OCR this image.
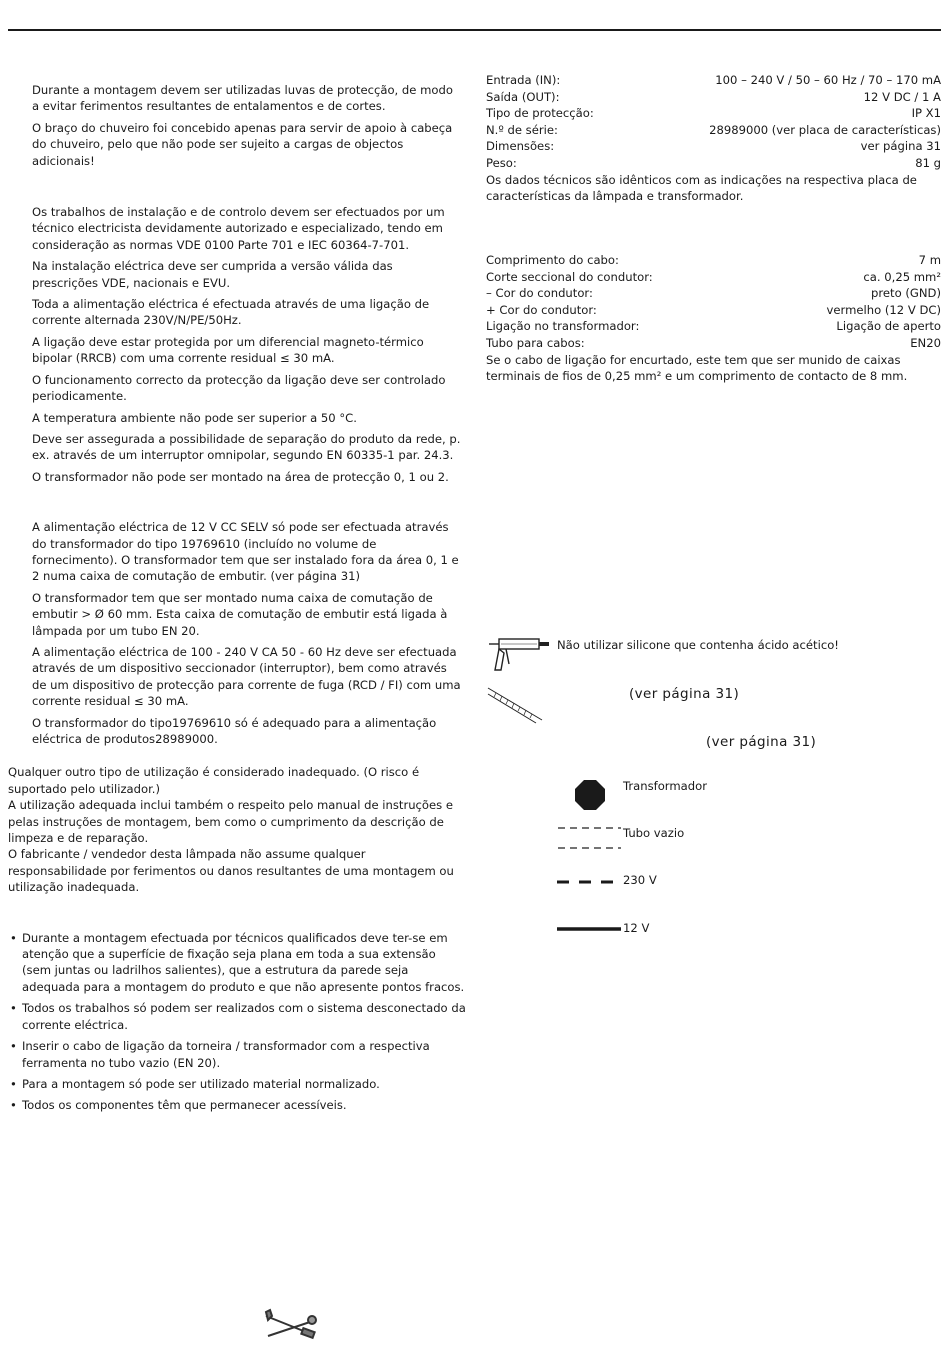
Durante a montagem devem ser utilizadas luvas de protecção, de modo a evitar ferimentos resultantes de entalamentos e de cortes.

O braço do chuveiro foi concebido apenas para servir de apoio à cabeça do chuveiro, pelo que não pode ser sujeito a cargas de objectos adicionais!

Os trabalhos de instalação e de controlo devem ser efectuados por um técnico electricista devidamente autorizado e especializado, tendo em consideração as normas VDE 0100 Parte 701 e IEC 60364-7-701.

Na instalação eléctrica deve ser cumprida a versão válida das prescrições VDE, nacionais e EVU.

Toda a alimentação eléctrica é efectuada através de uma ligação de corrente alternada 230V/N/PE/50Hz.

A ligação deve estar protegida por um diferencial magneto-térmico bipolar (RRCB) com uma corrente residual ≤ 30 mA.

O funcionamento correcto da protecção da ligação deve ser controlado periodicamente.

A temperatura ambiente não pode ser superior a 50 °C.

Deve ser assegurada a possibilidade de separação do produto da rede, p. ex. através de um interruptor omnipolar, segundo EN 60335-1 par. 24.3.

O transformador não pode ser montado na área de protecção 0, 1 ou 2.

A alimentação eléctrica de 12 V CC SELV só pode ser efectuada através do transformador do tipo 19769610 (incluído no volume de fornecimento). O transformador tem que ser instalado fora da área 0, 1 e 2 numa caixa de comutação de embutir. (ver página 31)

O transformador tem que ser montado numa caixa de comutação de embutir > Ø 60 mm. Esta caixa de comutação de embutir está ligada à lâmpada por um tubo EN 20.

A alimentação eléctrica de 100 - 240 V CA 50 - 60 Hz deve ser efectuada através de um dispositivo seccionador (interruptor), bem como através de um dispositivo de protecção para corrente de fuga (RCD / FI) com uma corrente residual ≤ 30 mA.

O transformador do tipo19769610 só é adequado para a alimentação eléctrica de produtos28989000.

Qualquer outro tipo de utilização é considerado inadequado. (O risco é suportado pelo utilizador.)

A utilização adequada inclui também o respeito pelo manual de instruções e pelas instruções de montagem, bem como o cumprimento da descrição de limpeza e de reparação.

O fabricante / vendedor desta lâmpada não assume qualquer responsabilidade por ferimentos ou danos resultantes de uma montagem ou utilização inadequada.

• Durante a montagem efectuada por técnicos qualificados deve ter-se em atenção que a superfície de fixação seja plana em toda a sua extensão (sem juntas ou ladrilhos salientes), que a estrutura da parede seja adequada para a montagem do produto e que não apresente pontos fracos.
• Todos os trabalhos só podem ser realizados com o sistema desconectado da corrente eléctrica.
• Inserir o cabo de ligação da torneira / transformador com a respectiva ferramenta no tubo vazio (EN 20).
• Para a montagem só pode ser utilizado material normalizado.
• Todos os componentes têm que permanecer acessíveis.
Entrada (IN):	100 – 240 V / 50 – 60 Hz / 70 – 170 mA
Saída (OUT):	12 V DC / 1 A
Tipo de protecção:	IP X1
N.º de série:	28989000 (ver placa de características)
Dimensões:	ver página 31
Peso:	81 g
Os dados técnicos são idênticos com as indicações na respectiva placa de características da lâmpada e transformador.
Comprimento do cabo:	7 m
Corte seccional do condutor:	ca. 0,25 mm²
– Cor do condutor:	preto (GND)
+ Cor do condutor:	vermelho (12 V DC)
Ligação no transformador:	Ligação de aperto
Tubo para cabos:	EN20
Se o cabo de ligação for encurtado, este tem que ser munido de caixas terminais de fios de 0,25 mm² e um comprimento de contacto de 8 mm.
Não utilizar silicone que contenha ácido acético!
(ver página 31)
(ver página 31)
Transformador
Tubo vazio
230 V
12 V
